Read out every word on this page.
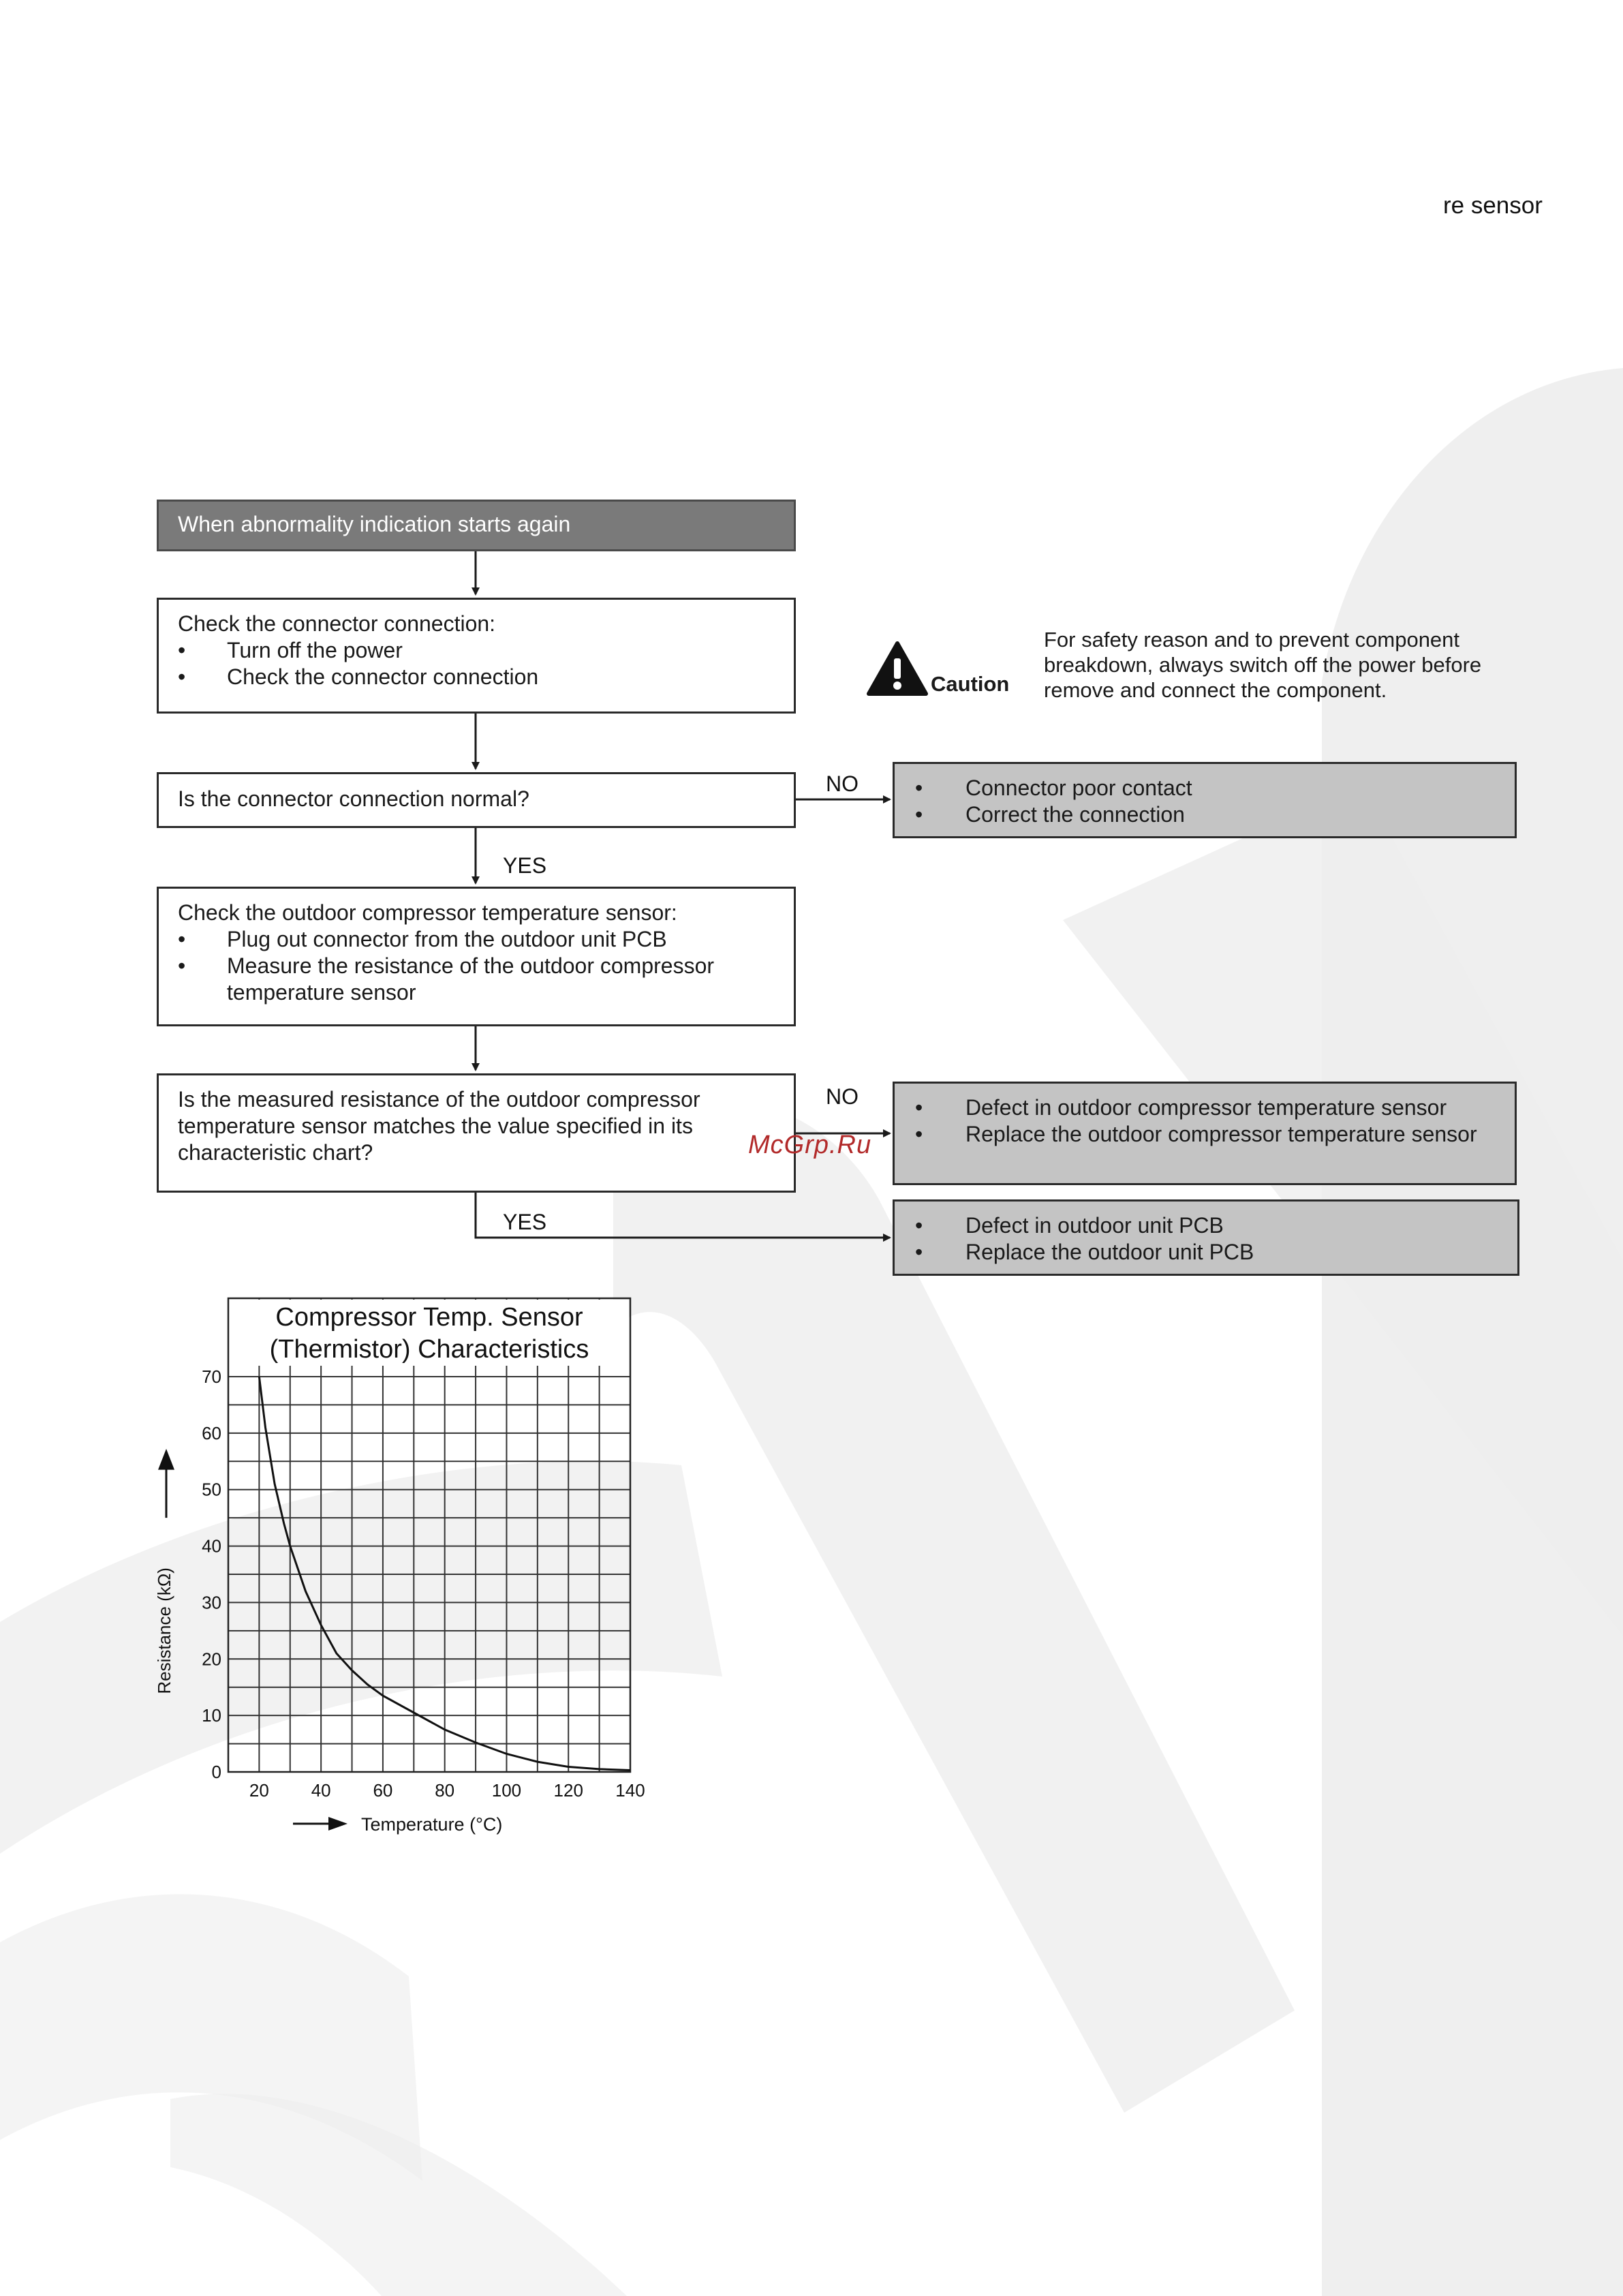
re sensor
When abnormality indication starts again
Check the connector connection:
• Turn off the power
• Check the connector connection
Is the connector connection normal?
NO
YES
• Connector poor contact
• Correct the connection
Check the outdoor compressor temperature sensor:
• Plug out connector from the outdoor unit PCB
• Measure the resistance of the outdoor compressor temperature sensor
Is the measured resistance of the outdoor compressor temperature sensor matches the value specified in its characteristic chart?
NO
YES
• Defect in outdoor compressor temperature sensor
• Replace the outdoor compressor temperature sensor
• Defect in outdoor unit PCB
• Replace the outdoor unit PCB
Caution
For safety reason and to prevent component breakdown, always switch off the power before remove and connect the component.
McGrp.Ru
Compressor Temp. Sensor
(Thermistor) Characteristics
20 40 60 80 100 120 140
0
10
20
30
40
50
60
70
Resistance (kΩ)
Temperature (°C)
